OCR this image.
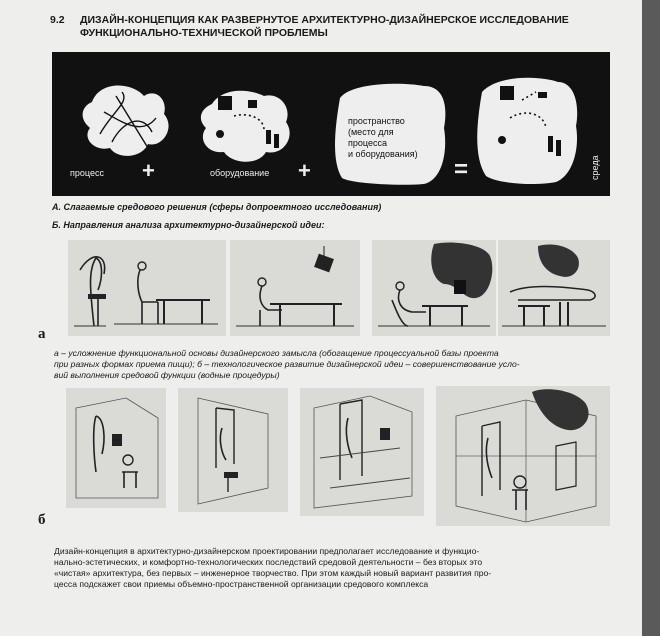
9.2 ДИЗАЙН-КОНЦЕПЦИЯ КАК РАЗВЕРНУТОЕ АРХИТЕКТУРНО-ДИЗАЙНЕРСКОЕ ИССЛЕДОВАНИЕ
ФУНКЦИОНАЛЬНО-ТЕХНИЧЕСКОЙ ПРОБЛЕМЫ
процесс +	оборудование +
пространство
(место для
процесса
и оборудования)
=	среда
А. Слагаемые средового решения (сферы допроектного исследования)
Б. Направления анализа архитектурно-дизайнерской идеи:
а
а – усложнение функциональной основы дизайнерского замысла (обогащение процессуальной базы проекта
при разных формах приема пищи); б – технологическое развитие дизайнерской идеи – совершенствование усло-
вий выполнения средовой функции (водные процедуры)
б
Дизайн-концепция в архитектурно-дизайнерском проектировании предполагает исследование и функцио-
нально-эстетических, и комфортно-технологических последствий средовой деятельности – без вторых это
«чистая» архитектура, без первых – инженерное творчество. При этом каждый новый вариант развития про-
цесса подскажет свои приемы объемно-пространственной организации средового комплекса
